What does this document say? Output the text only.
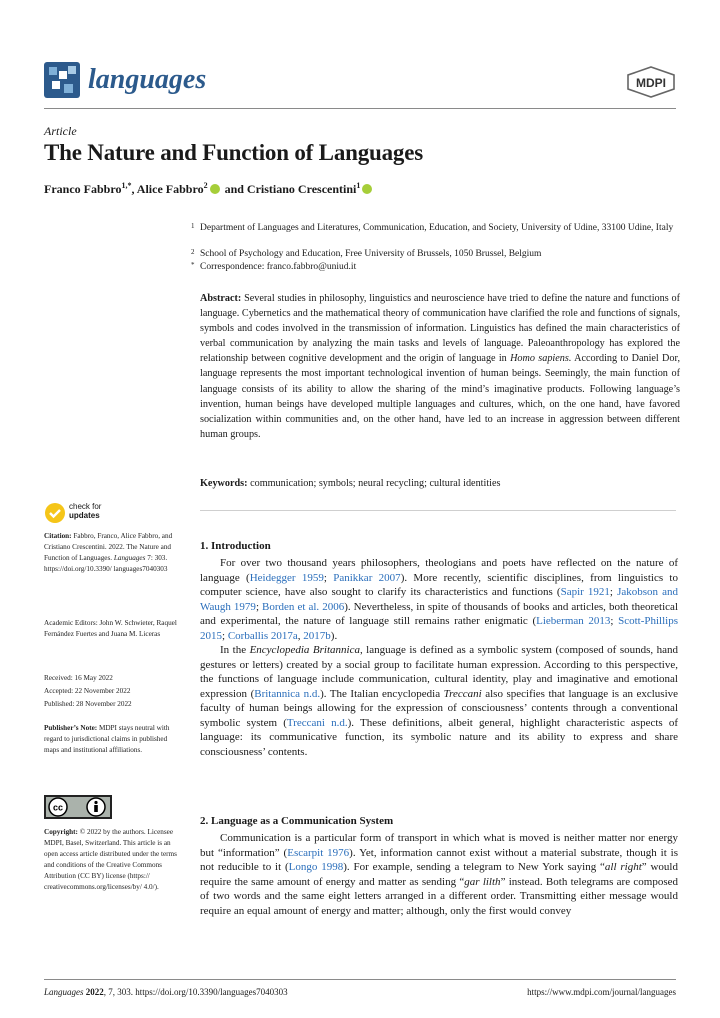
languages	MDPI
Article
The Nature and Function of Languages
Franco Fabbro$^{1,*}$, Alice Fabbro$^2$ and Cristiano Crescentini$^1$
1 Department of Languages and Literatures, Communication, Education, and Society, University of Udine, 33100 Udine, Italy
2 School of Psychology and Education, Free University of Brussels, 1050 Brussel, Belgium
* Correspondence: franco.fabbro@uniud.it
Abstract: Several studies in philosophy, linguistics and neuroscience have tried to define the nature and functions of language. Cybernetics and the mathematical theory of communication have clarified the role and functions of signals, symbols and codes involved in the transmission of information. Linguistics has defined the main characteristics of verbal communication by analyzing the main tasks and levels of language. Paleoanthropology has explored the relationship between cognitive development and the origin of language in Homo sapiens. According to Daniel Dor, language represents the most important technological invention of human beings. Seemingly, the main function of language consists of its ability to allow the sharing of the mind’s imaginative products. Following language’s invention, human beings have developed multiple languages and cultures, which, on the one hand, have favored socialization within communities and, on the other hand, have led to an increase in aggression between different human groups.
Keywords: communication; symbols; neural recycling; cultural identities
check for
updates
Citation: Fabbro, Franco, Alice Fabbro, and Cristiano Crescentini. 2022. The Nature and Function of Languages. Languages 7: 303. https://doi.org/10.3390/ languages7040303
Academic Editors: John W. Schwieter, Raquel Fernández Fuertes and Juana M. Liceras
Received: 16 May 2022
Accepted: 22 November 2022
Published: 28 November 2022
Publisher’s Note: MDPI stays neutral with regard to jurisdictional claims in published maps and institutional affiliations.
cc
Copyright: © 2022 by the authors. Licensee MDPI, Basel, Switzerland. This article is an open access article distributed under the terms and conditions of the Creative Commons Attribution (CC BY) license (https:// creativecommons.org/licenses/by/ 4.0/).
1. Introduction

For over two thousand years philosophers, theologians and poets have reflected on the nature of language (Heidegger 1959; Panikkar 2007). More recently, scientific disciplines, from linguistics to computer science, have also sought to clarify its characteristics and functions (Sapir 1921; Jakobson and Waugh 1979; Borden et al. 2006). Nevertheless, in spite of thousands of books and articles, both theoretical and experimental, the nature of language still remains rather enigmatic (Lieberman 2013; Scott-Phillips 2015; Corballis 2017a, 2017b).

In the Encyclopedia Britannica, language is defined as a symbolic system (composed of sounds, hand gestures or letters) created by a social group to facilitate human expression. According to this perspective, the functions of language include communication, cultural identity, play and imaginative and emotional expression (Britannica n.d.). The Italian encyclopedia Treccani also specifies that language is an exclusive faculty of human beings allowing for the expression of consciousness’ contents through a conventional symbolic system (Treccani n.d.). These definitions, albeit general, highlight characteristic aspects of language: its communicative function, its symbolic nature and its ability to express and share consciousness’ contents.

2. Language as a Communication System

Communication is a particular form of transport in which what is moved is neither matter nor energy but “information” (Escarpit 1976). Yet, information cannot exist without a material substrate, though it is not reducible to it (Longo 1998). For example, sending a telegram to New York saying “all right” would require the same amount of energy and matter as sending “gar lilth” instead. Both telegrams are composed of two words and the same eight letters arranged in a different order. Transmitting either message would require an equal amount of energy and matter; although, only the first would convey

Languages 2022, 7, 303. https://doi.org/10.3390/languages7040303	https://www.mdpi.com/journal/languages
